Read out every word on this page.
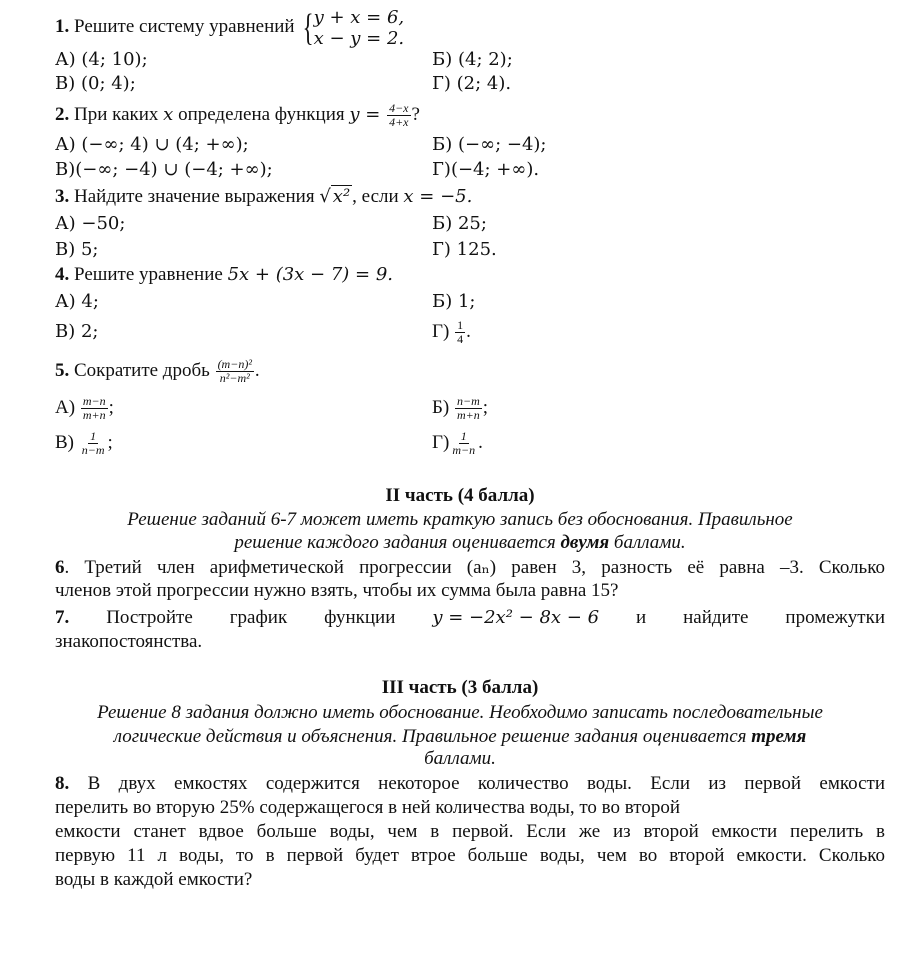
1. Решите систему уравнений {y + x = 6,
x − y = 2.
А) (4; 10);	Б) (4; 2);
В) (0; 4);	Г) (2; 4).
2. При каких x определена функция $y = \frac{4-x}{4+x}$ ?
А) (−∞; 4) ∪ (4; +∞);	Б) (−∞; −4);
В)(−∞; −4) ∪ (−4; +∞);	Г)(−4; +∞).
3. Найдите значение выражения √ x² , если x = −5.
А) −50;	Б) 25;
В) 5;	Г) 125.
4. Решите уравнение 5x + (3x − 7) = 9.
А) 4;	Б) 1;
В) 2;	$Г) \frac{1}{4}$ .
5. Сократите дробь $\frac{\text{(m−n)²}}{\text{n²−m²}}$ .
$А) \frac{m-n}{m+n}$ ;	$Б) \frac{n-m}{m+n}$ ;
$В) \frac{1}{n-m}$ ;	$Г) \frac{1}{m-n}$ .
II часть (4 балла)
Решение заданий 6-7 может иметь краткую запись без обоснования. Правильное
решение каждого задания оценивается двумя баллами.
6. Третий член арифметической прогрессии (aₙ) равен 3, разность её равна –3. Сколько
членов этой прогрессии нужно взять, чтобы их сумма была равна 15?
7. Постройте график функции y = −2x² − 8x − 6 и найдите промежутки
знакопостоянства.
III часть (3 балла)
Решение 8 задания должно иметь обоснование. Необходимо записать последовательные
логические действия и объяснения. Правильное решение задания оценивается тремя
баллами.
8. В двух емкостях содержится некоторое количество воды. Если из первой емкости
перелить во вторую 25% содержащегося в ней количества воды, то во второй
емкости станет вдвое больше воды, чем в первой. Если же из второй емкости перелить в
первую 11 л воды, то в первой будет втрое больше воды, чем во второй емкости. Сколько
воды в каждой емкости?
